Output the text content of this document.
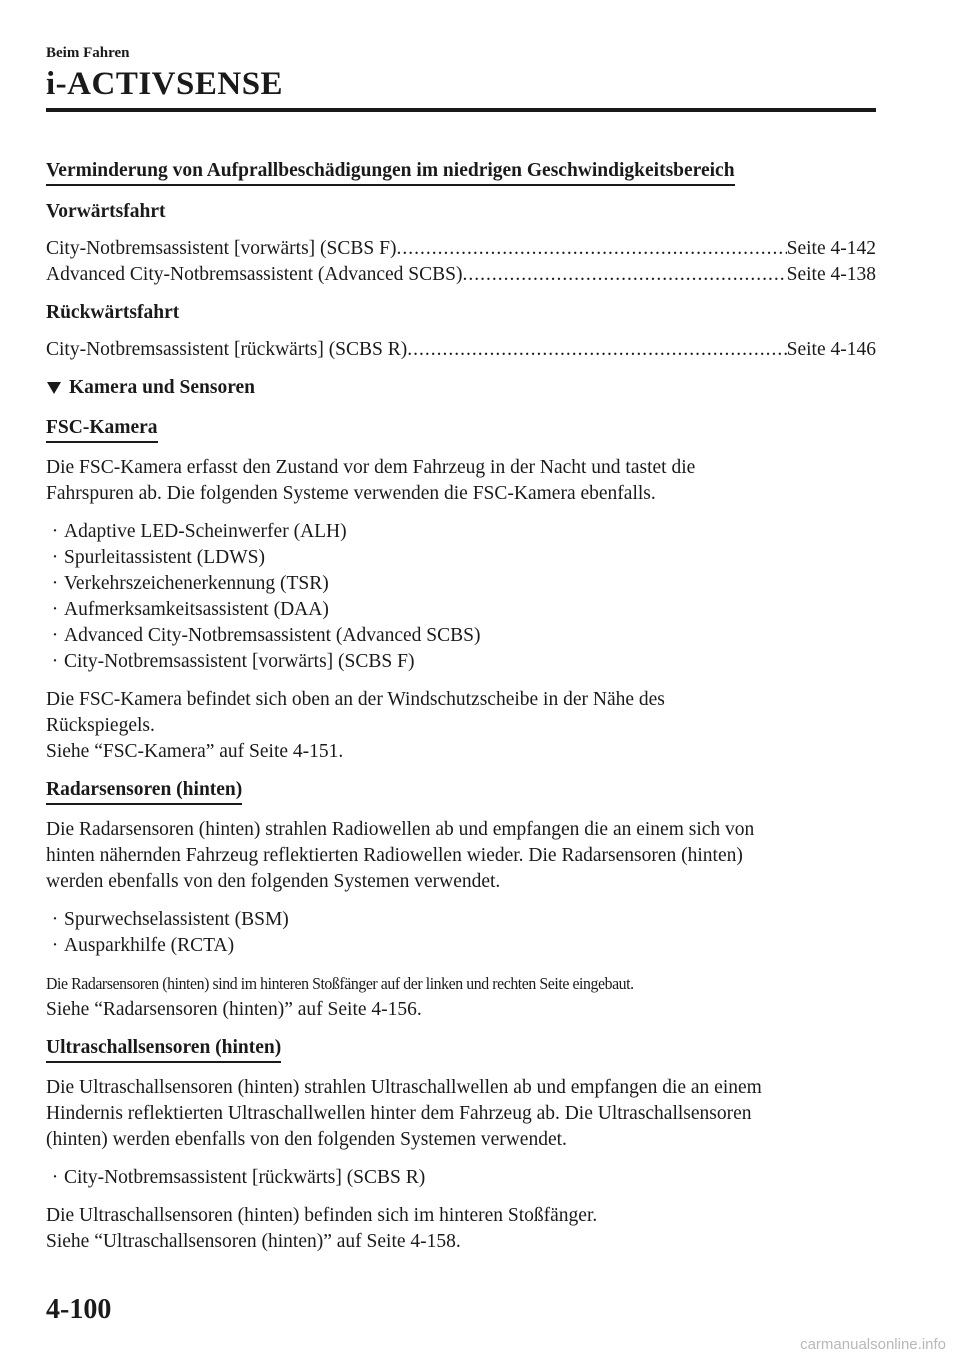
Beim Fahren
i-ACTIVSENSE

Verminderung von Aufprallbeschädigungen im niedrigen Geschwindigkeitsbereich

Vorwärtsfahrt

City-Notbremsassistent [vorwärts] (SCBS F) .....	Seite 4-142
Advanced City-Notbremsassistent (Advanced SCBS) .....	Seite 4-138

Rückwärtsfahrt

City-Notbremsassistent [rückwärts] (SCBS R) .....	Seite 4-146
Kamera und Sensoren

FSC-Kamera

Die FSC-Kamera erfasst den Zustand vor dem Fahrzeug in der Nacht und tastet die

Fahrspuren ab. Die folgenden Systeme verwenden die FSC-Kamera ebenfalls.

· Adaptive LED-Scheinwerfer (ALH)
· Spurleitassistent (LDWS)
· Verkehrszeichenerkennung (TSR)
· Aufmerksamkeitsassistent (DAA)
· Advanced City-Notbremsassistent (Advanced SCBS)
· City-Notbremsassistent [vorwärts] (SCBS F)

Die FSC-Kamera befindet sich oben an der Windschutzscheibe in der Nähe des

Rückspiegels.

Siehe “FSC-Kamera” auf Seite 4-151.

Radarsensoren (hinten)

Die Radarsensoren (hinten) strahlen Radiowellen ab und empfangen die an einem sich von

hinten nähernden Fahrzeug reflektierten Radiowellen wieder. Die Radarsensoren (hinten)

werden ebenfalls von den folgenden Systemen verwendet.

· Spurwechselassistent (BSM)
· Ausparkhilfe (RCTA)

Die Radarsensoren (hinten) sind im hinteren Stoßfänger auf der linken und rechten Seite eingebaut.

Siehe “Radarsensoren (hinten)” auf Seite 4-156.

Ultraschallsensoren (hinten)

Die Ultraschallsensoren (hinten) strahlen Ultraschallwellen ab und empfangen die an einem

Hindernis reflektierten Ultraschallwellen hinter dem Fahrzeug ab. Die Ultraschallsensoren

(hinten) werden ebenfalls von den folgenden Systemen verwendet.

· City-Notbremsassistent [rückwärts] (SCBS R)

Die Ultraschallsensoren (hinten) befinden sich im hinteren Stoßfänger.

Siehe “Ultraschallsensoren (hinten)” auf Seite 4-158.

4-100
carmanualsonline.info
